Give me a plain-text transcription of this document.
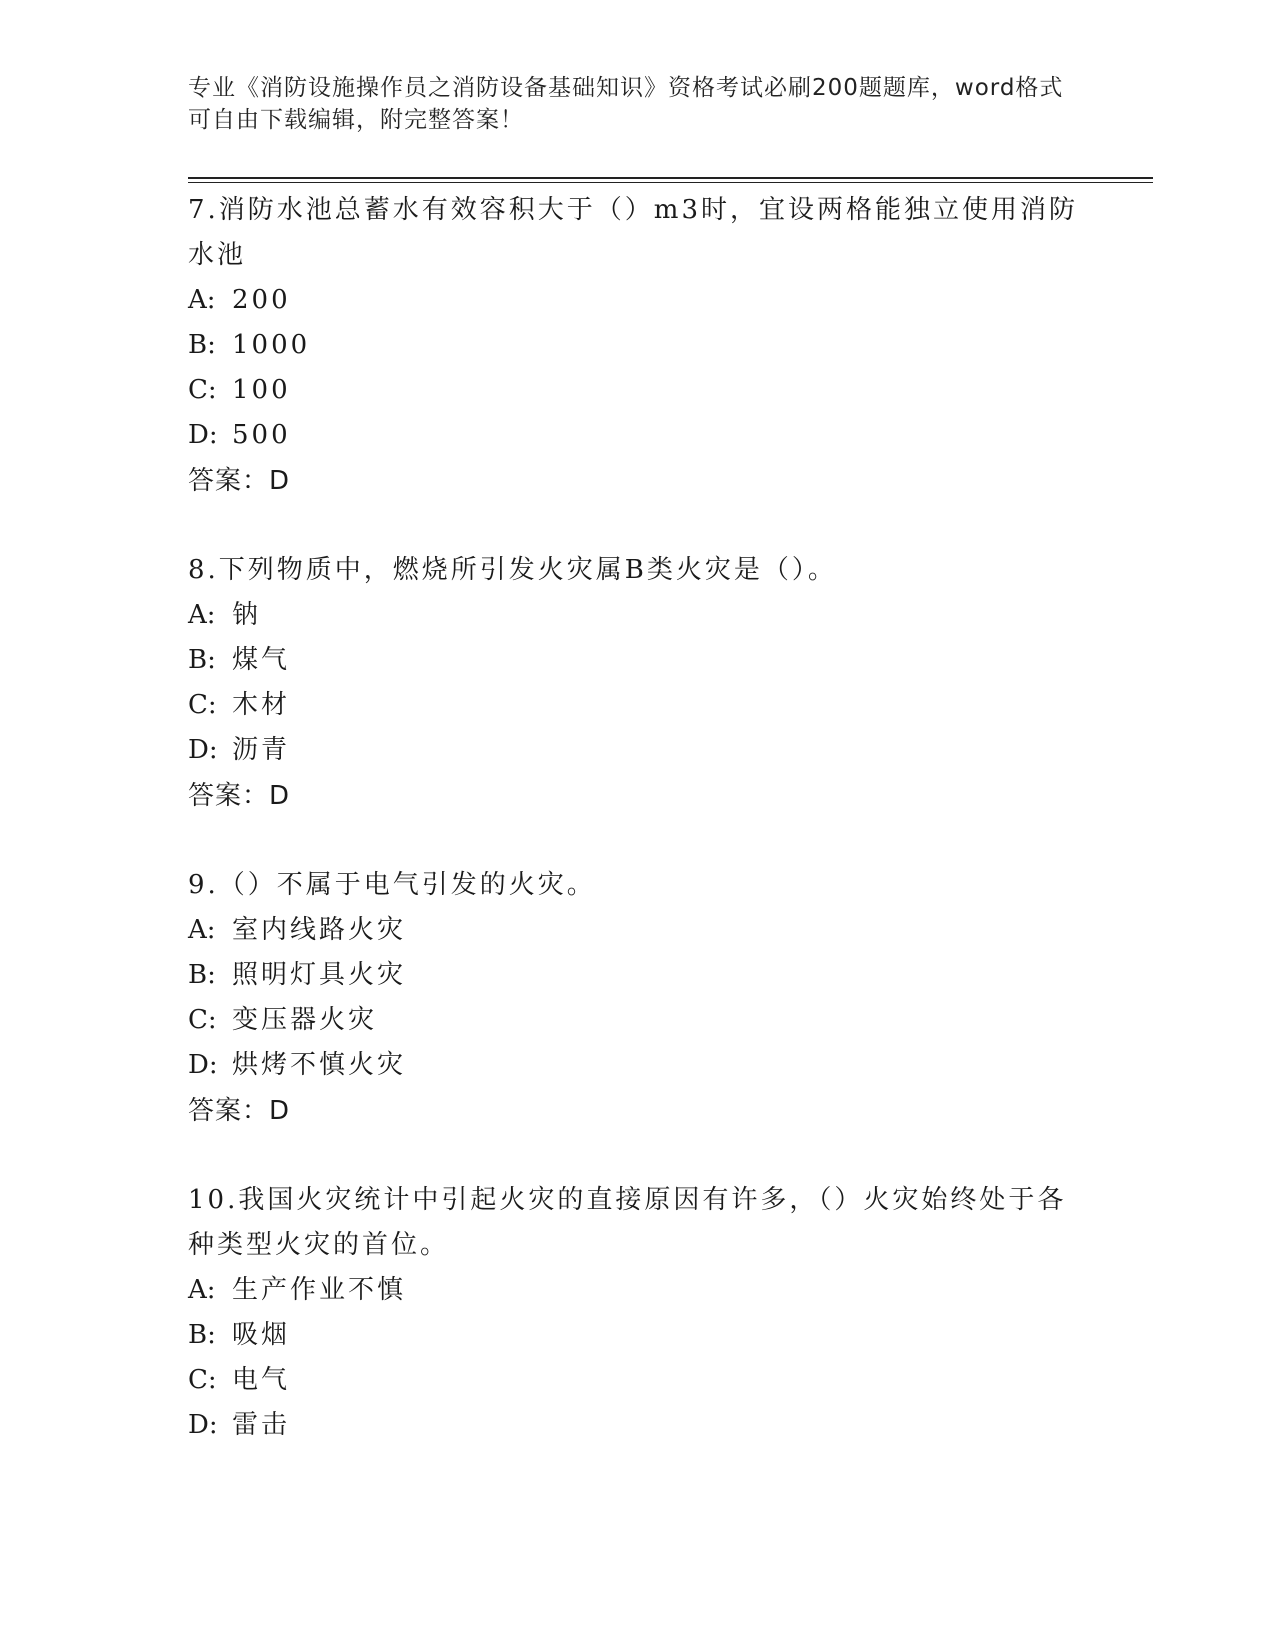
专业《消防设施操作员之消防设备基础知识》资格考试必刷200题题库，word格式可自由下载编辑，附完整答案！

7.消防水池总蓄水有效容积大于（）m3时，宜设两格能独立使用消防水池

A: 200

B: 1000

C: 100

D: 500

答案：D

8.下列物质中，燃烧所引发火灾属B类火灾是（）。

A: 钠

B: 煤气

C: 木材

D: 沥青

答案：D

9.（）不属于电气引发的火灾。

A: 室内线路火灾

B: 照明灯具火灾

C: 变压器火灾

D: 烘烤不慎火灾

答案：D

10.我国火灾统计中引起火灾的直接原因有许多，（）火灾始终处于各种类型火灾的首位。

A: 生产作业不慎

B: 吸烟

C: 电气

D: 雷击
